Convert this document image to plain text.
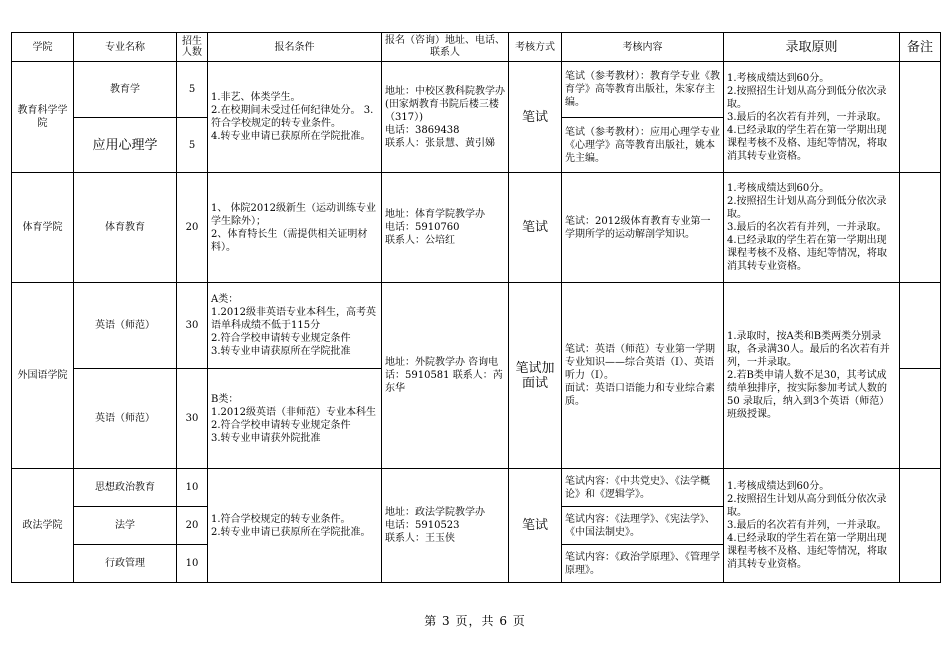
学院	专业名称	招生人数	报名条件	报名（咨询）地址、电话、联系人	考核方式	考核内容	录取原则	备注
教育科学学院	教育学	5	1.非艺、体类学生。
2.在校期间未受过任何纪律处分。 3.符合学校规定的转专业条件。
4.转专业申请已获原所在学院批准。	地址：中校区教科院教学办(田家炳教育书院后楼三楼（317）)
电话：3869438
联系人：张景慧、黄引娣	笔试	笔试（参考教材）：教育学专业《教育学》高等教育出版社，朱家存主编。	1.考核成绩达到60分。
2.按照招生计划从高分到低分依次录取。
3.最后的名次若有并列，一并录取。
4.已经录取的学生若在第一学期出现课程考核不及格、违纪等情况，将取消其转专业资格。	
	应用心理学	5				笔试（参考教材）：应用心理学专业《心理学》高等教育出版社，姚本先主编。		
体育学院	体育教育	20	1、 体院2012级新生（运动训练专业学生除外）；
2、体育特长生（需提供相关证明材料）。	地址：体育学院教学办
电话：5910760
联系人：公培红	笔试	笔试：2012级体育教育专业第一学期所学的运动解剖学知识。	1.考核成绩达到60分。
2.按照招生计划从高分到低分依次录取。
3.最后的名次若有并列，一并录取。
4.已经录取的学生若在第一学期出现课程考核不及格、违纪等情况，将取消其转专业资格。	
外国语学院	英语（师范）	30	A类：
1.2012级非英语专业本科生，高考英语单科成绩不低于115分
2.符合学校申请转专业规定条件
3.转专业申请获原所在学院批准	地址：外院教学办 咨询电话：5910581 联系人：芮东华	笔试加面试	笔试：英语（师范）专业第一学期专业知识——综合英语（I）、英语听力（I）。
面试：英语口语能力和专业综合素质。	1.录取时，按A类和B类两类分别录取，各录满30人。最后的名次若有并列，一并录取。
2.若B类申请人数不足30，其考试成绩单独排序，按实际参加考试人数的50 录取后，纳入到3个英语（师范）班级授课。	
	英语（师范）	30	B类：
1.2012级英语（非师范）专业本科生
2.符合学校申请转专业规定条件
3.转专业申请获外院批准					
政法学院	思想政治教育	10	1.符合学校规定的转专业条件。
2.转专业申请已获原所在学院批准。	地址：政法学院教学办
电话：5910523
联系人：王玉侠	笔试	笔试内容：《中共党史》、《法学概论》和《逻辑学》。	1.考核成绩达到60分。
2.按照招生计划从高分到低分依次录取。
3.最后的名次若有并列，一并录取。
4.已经录取的学生若在第一学期出现课程考核不及格、违纪等情况，将取消其转专业资格。	
	法学	20				笔试内容：《法理学》、《宪法学》、《中国法制史》。		
	行政管理	10				笔试内容：《政治学原理》、《管理学原理》。		
第 3 页，共 6 页
